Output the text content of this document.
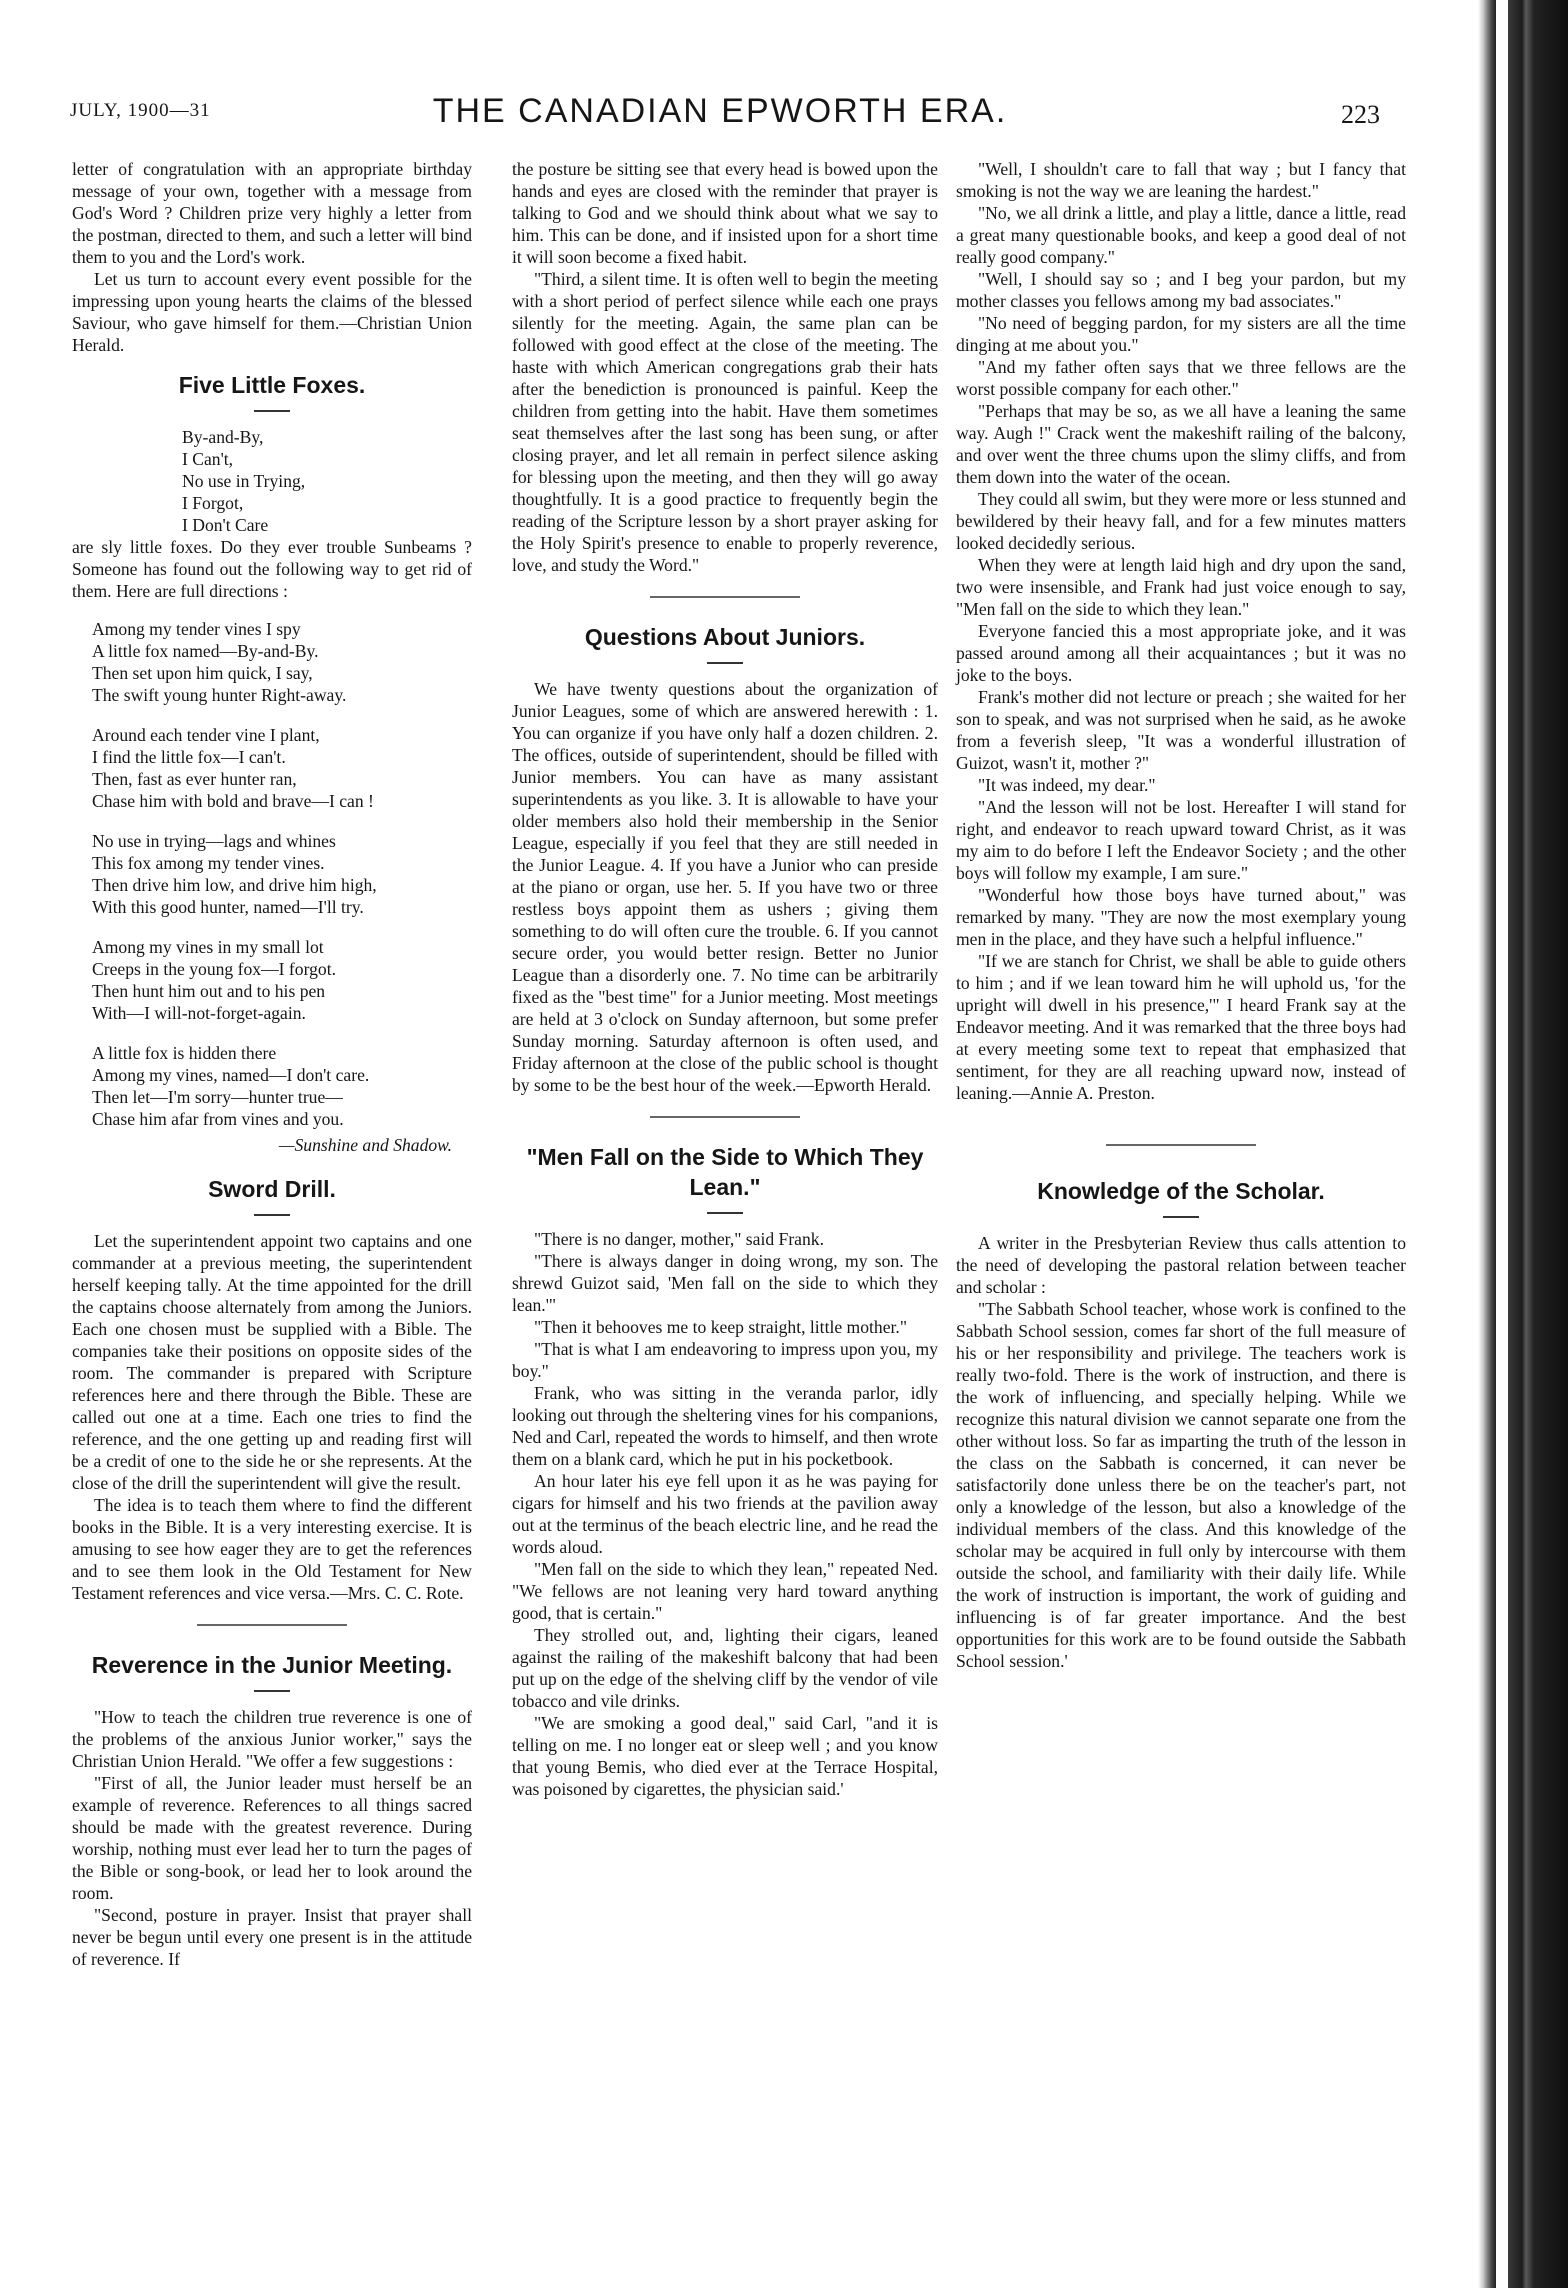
JULY, 1900—31	THE CANADIAN EPWORTH ERA.	223

letter of congratulation with an appropriate birthday message of your own, together with a message from God's Word ? Children prize very highly a letter from the postman, directed to them, and such a letter will bind them to you and the Lord's work.

Let us turn to account every event possible for the impressing upon young hearts the claims of the blessed Saviour, who gave himself for them.—Christian Union Herald.

Five Little Foxes.
By-and-By,
I Can't,
No use in Trying,
I Forgot,
I Don't Care

are sly little foxes. Do they ever trouble Sunbeams ? Someone has found out the following way to get rid of them. Here are full directions :

Among my tender vines I spy
A little fox named—By-and-By.
Then set upon him quick, I say,
The swift young hunter Right-away.
Around each tender vine I plant,
I find the little fox—I can't.
Then, fast as ever hunter ran,
Chase him with bold and brave—I can !
No use in trying—lags and whines
This fox among my tender vines.
Then drive him low, and drive him high,
With this good hunter, named—I'll try.
Among my vines in my small lot
Creeps in the young fox—I forgot.
Then hunt him out and to his pen
With—I will-not-forget-again.
A little fox is hidden there
Among my vines, named—I don't care.
Then let—I'm sorry—hunter true—
Chase him afar from vines and you.
—Sunshine and Shadow.
Sword Drill.

Let the superintendent appoint two captains and one commander at a previous meeting, the superintendent herself keeping tally. At the time appointed for the drill the captains choose alternately from among the Juniors. Each one chosen must be supplied with a Bible. The companies take their positions on opposite sides of the room. The commander is prepared with Scripture references here and there through the Bible. These are called out one at a time. Each one tries to find the reference, and the one getting up and reading first will be a credit of one to the side he or she represents. At the close of the drill the superintendent will give the result.

The idea is to teach them where to find the different books in the Bible. It is a very interesting exercise. It is amusing to see how eager they are to get the references and to see them look in the Old Testament for New Testament references and vice versa.—Mrs. C. C. Rote.

Reverence in the Junior Meeting.

"How to teach the children true reverence is one of the problems of the anxious Junior worker," says the Christian Union Herald. "We offer a few suggestions :

"First of all, the Junior leader must herself be an example of reverence. References to all things sacred should be made with the greatest reverence. During worship, nothing must ever lead her to turn the pages of the Bible or song-book, or lead her to look around the room.

"Second, posture in prayer. Insist that prayer shall never be begun until every one present is in the attitude of reverence. If

the posture be sitting see that every head is bowed upon the hands and eyes are closed with the reminder that prayer is talking to God and we should think about what we say to him. This can be done, and if insisted upon for a short time it will soon become a fixed habit.

"Third, a silent time. It is often well to begin the meeting with a short period of perfect silence while each one prays silently for the meeting. Again, the same plan can be followed with good effect at the close of the meeting. The haste with which American congregations grab their hats after the benediction is pronounced is painful. Keep the children from getting into the habit. Have them sometimes seat themselves after the last song has been sung, or after closing prayer, and let all remain in perfect silence asking for blessing upon the meeting, and then they will go away thoughtfully. It is a good practice to frequently begin the reading of the Scripture lesson by a short prayer asking for the Holy Spirit's presence to enable to properly reverence, love, and study the Word."

Questions About Juniors.

We have twenty questions about the organization of Junior Leagues, some of which are answered herewith : 1. You can organize if you have only half a dozen children. 2. The offices, outside of superintendent, should be filled with Junior members. You can have as many assistant superintendents as you like. 3. It is allowable to have your older members also hold their membership in the Senior League, especially if you feel that they are still needed in the Junior League. 4. If you have a Junior who can preside at the piano or organ, use her. 5. If you have two or three restless boys appoint them as ushers ; giving them something to do will often cure the trouble. 6. If you cannot secure order, you would better resign. Better no Junior League than a disorderly one. 7. No time can be arbitrarily fixed as the "best time" for a Junior meeting. Most meetings are held at 3 o'clock on Sunday afternoon, but some prefer Sunday morning. Saturday afternoon is often used, and Friday afternoon at the close of the public school is thought by some to be the best hour of the week.—Epworth Herald.

"Men Fall on the Side to Which They Lean."

"There is no danger, mother," said Frank.

"There is always danger in doing wrong, my son. The shrewd Guizot said, 'Men fall on the side to which they lean.'"

"Then it behooves me to keep straight, little mother."

"That is what I am endeavoring to impress upon you, my boy."

Frank, who was sitting in the veranda parlor, idly looking out through the sheltering vines for his companions, Ned and Carl, repeated the words to himself, and then wrote them on a blank card, which he put in his pocketbook.

An hour later his eye fell upon it as he was paying for cigars for himself and his two friends at the pavilion away out at the terminus of the beach electric line, and he read the words aloud.

"Men fall on the side to which they lean," repeated Ned. "We fellows are not leaning very hard toward anything good, that is certain."

They strolled out, and, lighting their cigars, leaned against the railing of the makeshift balcony that had been put up on the edge of the shelving cliff by the vendor of vile tobacco and vile drinks.

"We are smoking a good deal," said Carl, "and it is telling on me. I no longer eat or sleep well ; and you know that young Bemis, who died ever at the Terrace Hospital, was poisoned by cigarettes, the physician said.'

"Well, I shouldn't care to fall that way ; but I fancy that smoking is not the way we are leaning the hardest."

"No, we all drink a little, and play a little, dance a little, read a great many questionable books, and keep a good deal of not really good company."

"Well, I should say so ; and I beg your pardon, but my mother classes you fellows among my bad associates."

"No need of begging pardon, for my sisters are all the time dinging at me about you."

"And my father often says that we three fellows are the worst possible company for each other."

"Perhaps that may be so, as we all have a leaning the same way. Augh !" Crack went the makeshift railing of the balcony, and over went the three chums upon the slimy cliffs, and from them down into the water of the ocean.

They could all swim, but they were more or less stunned and bewildered by their heavy fall, and for a few minutes matters looked decidedly serious.

When they were at length laid high and dry upon the sand, two were insensible, and Frank had just voice enough to say, "Men fall on the side to which they lean."

Everyone fancied this a most appropriate joke, and it was passed around among all their acquaintances ; but it was no joke to the boys.

Frank's mother did not lecture or preach ; she waited for her son to speak, and was not surprised when he said, as he awoke from a feverish sleep, "It was a wonderful illustration of Guizot, wasn't it, mother ?"

"It was indeed, my dear."

"And the lesson will not be lost. Hereafter I will stand for right, and endeavor to reach upward toward Christ, as it was my aim to do before I left the Endeavor Society ; and the other boys will follow my example, I am sure."

"Wonderful how those boys have turned about," was remarked by many. "They are now the most exemplary young men in the place, and they have such a helpful influence."

"If we are stanch for Christ, we shall be able to guide others to him ; and if we lean toward him he will uphold us, 'for the upright will dwell in his presence,'" I heard Frank say at the Endeavor meeting. And it was remarked that the three boys had at every meeting some text to repeat that emphasized that sentiment, for they are all reaching upward now, instead of leaning.—Annie A. Preston.

Knowledge of the Scholar.

A writer in the Presbyterian Review thus calls attention to the need of developing the pastoral relation between teacher and scholar :

"The Sabbath School teacher, whose work is confined to the Sabbath School session, comes far short of the full measure of his or her responsibility and privilege. The teachers work is really two-fold. There is the work of instruction, and there is the work of influencing, and specially helping. While we recognize this natural division we cannot separate one from the other without loss. So far as imparting the truth of the lesson in the class on the Sabbath is concerned, it can never be satisfactorily done unless there be on the teacher's part, not only a knowledge of the lesson, but also a knowledge of the individual members of the class. And this knowledge of the scholar may be acquired in full only by intercourse with them outside the school, and familiarity with their daily life. While the work of instruction is important, the work of guiding and influencing is of far greater importance. And the best opportunities for this work are to be found outside the Sabbath School session.'
